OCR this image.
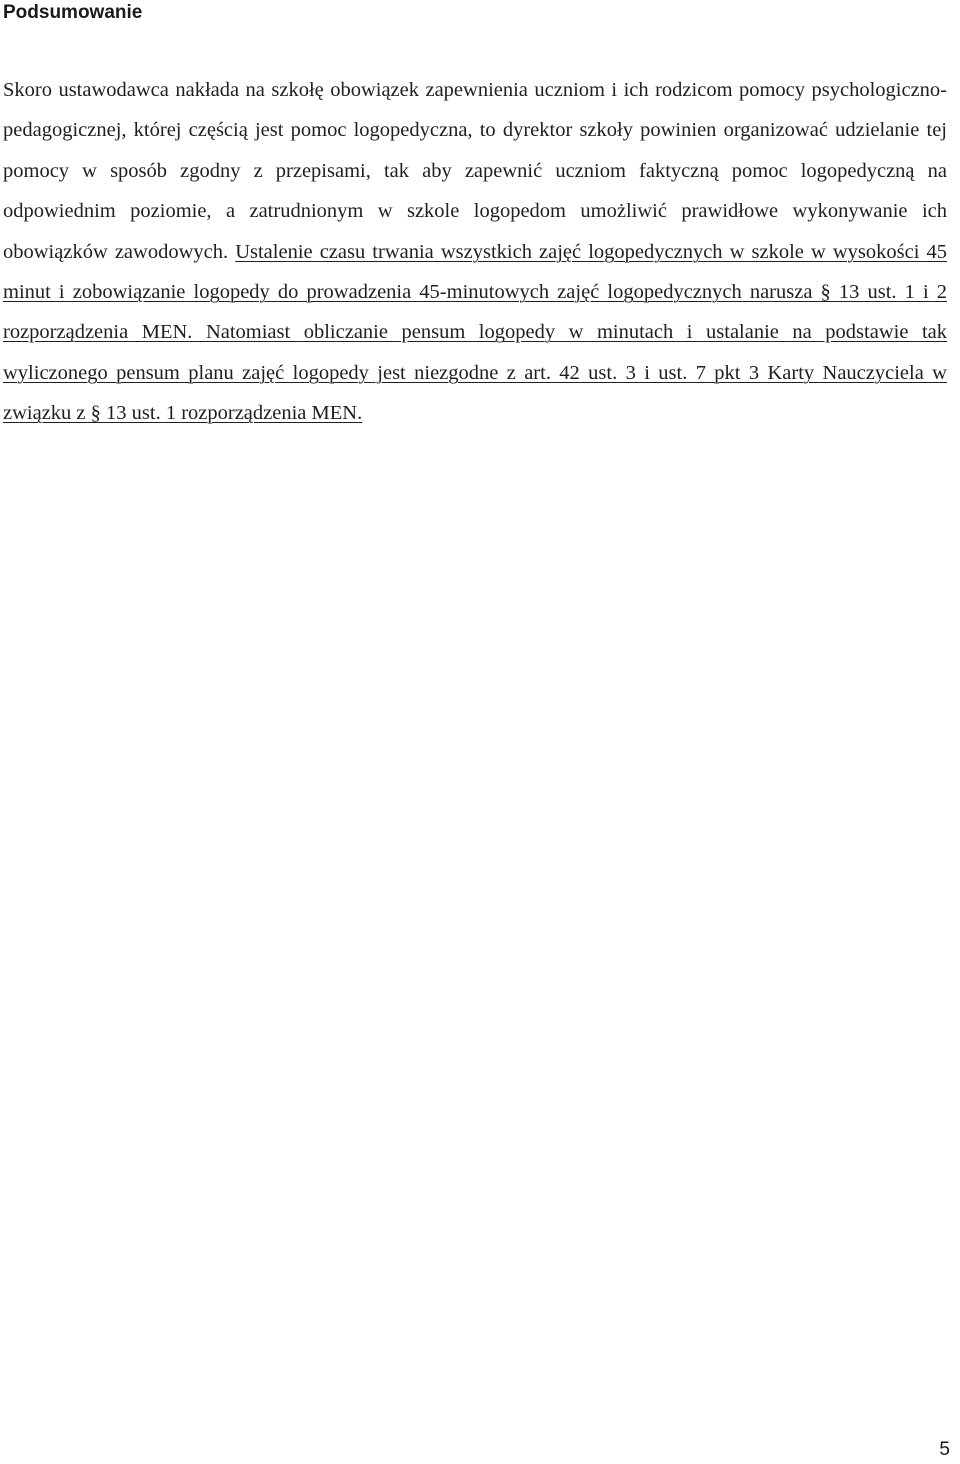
Podsumowanie

Skoro ustawodawca nakłada na szkołę obowiązek zapewnienia uczniom i ich rodzicom pomocy psychologiczno-pedagogicznej, której częścią jest pomoc logopedyczna, to dyrektor szkoły powinien organizować udzielanie tej pomocy w sposób zgodny z przepisami, tak aby zapewnić uczniom faktyczną pomoc logopedyczną na odpowiednim poziomie, a zatrudnionym w szkole logopedom umożliwić prawidłowe wykonywanie ich obowiązków zawodowych. Ustalenie czasu trwania wszystkich zajęć logopedycznych w szkole w wysokości 45 minut i zobowiązanie logopedy do prowadzenia 45-minutowych zajęć logopedycznych narusza § 13 ust. 1 i 2 rozporządzenia MEN. Natomiast obliczanie pensum logopedy w minutach i ustalanie na podstawie tak wyliczonego pensum planu zajęć logopedy jest niezgodne z art. 42 ust. 3 i ust. 7 pkt 3 Karty Nauczyciela w związku z § 13 ust. 1 rozporządzenia MEN.

5
